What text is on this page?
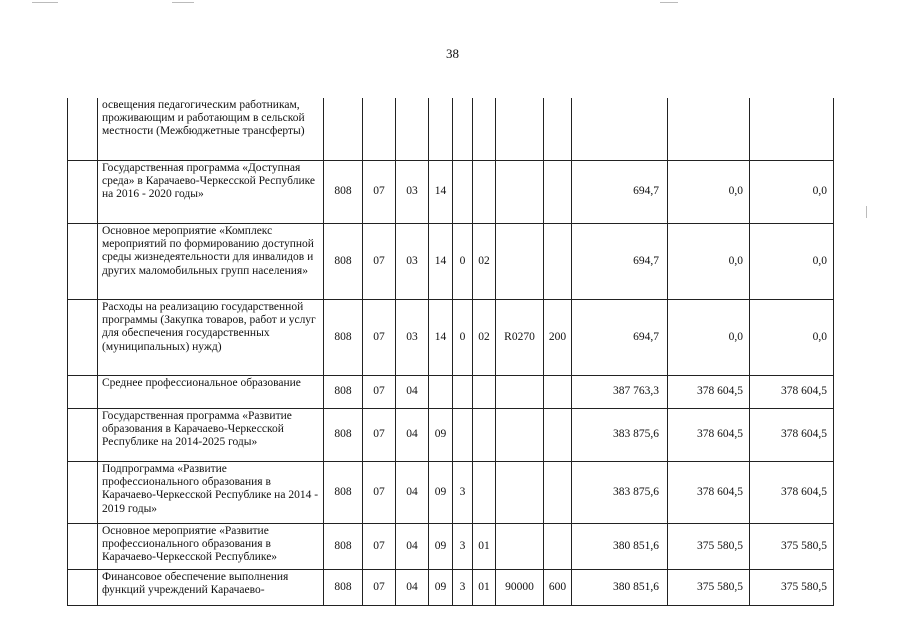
38
	освещения педагогическим работникам, проживающим и работающим в сельской местности (Межбюджетные трансферты)											
	Государственная программа «Доступная среда» в Карачаево-Черкесской Республике на 2016 - 2020 годы»	808	07	03	14					694,7	0,0	0,0
	Основное мероприятие «Комплекс мероприятий по формированию доступной среды жизнедеятельности для инвалидов и других маломобильных групп населения»	808	07	03	14	0	02			694,7	0,0	0,0
	Расходы на реализацию государственной программы (Закупка товаров, работ и услуг для обеспечения государственных (муниципальных) нужд)	808	07	03	14	0	02	R0270	200	694,7	0,0	0,0
	Среднее профессиональное образование	808	07	04						387 763,3	378 604,5	378 604,5
	Государственная программа «Развитие образования в Карачаево-Черкесской Республике на 2014-2025 годы»	808	07	04	09					383 875,6	378 604,5	378 604,5
	Подпрограмма «Развитие профессионального образования в Карачаево-Черкесской Республике на 2014 - 2019 годы»	808	07	04	09	3				383 875,6	378 604,5	378 604,5
	Основное мероприятие «Развитие профессионального образования в Карачаево-Черкесской Республике»	808	07	04	09	3	01			380 851,6	375 580,5	375 580,5
	Финансовое обеспечение выполнения функций учреждений Карачаево-	808	07	04	09	3	01	90000	600	380 851,6	375 580,5	375 580,5
